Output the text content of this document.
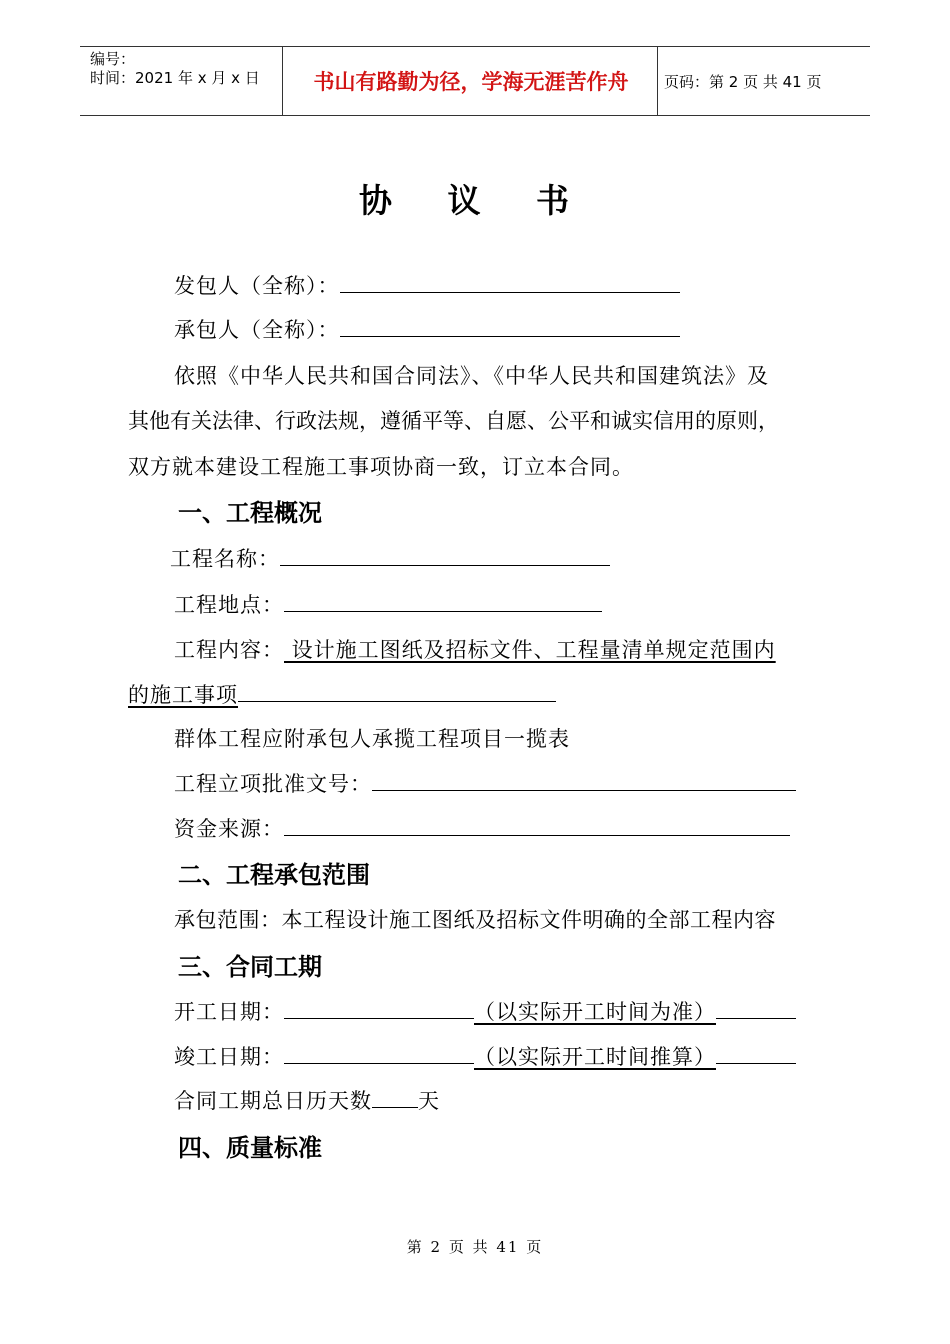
编号：
时间：2021 年 x 月 x 日	书山有路勤为径，学海无涯苦作舟	页码：第 2 页 共 41 页
协 议 书
发包人（全称）：
承包人（全称）：
依照《中华人民共和国合同法》、《中华人民共和国建筑法》及
其他有关法律、行政法规，遵循平等、自愿、公平和诚实信用的原则，
双方就本建设工程施工事项协商一致，订立本合同。
一、工程概况
工程名称：
工程地点：
工程内容： 设计施工图纸及招标文件、工程量清单规定范围内
的施工事项
群体工程应附承包人承揽工程项目一揽表
工程立项批准文号：
资金来源：
二、工程承包范围
承包范围：本工程设计施工图纸及招标文件明确的全部工程内容
三、合同工期
开工日期：	（以实际开工时间为准）
竣工日期：	（以实际开工时间推算）
合同工期总日历天数 天
四、质量标准
第 2 页 共 41 页
